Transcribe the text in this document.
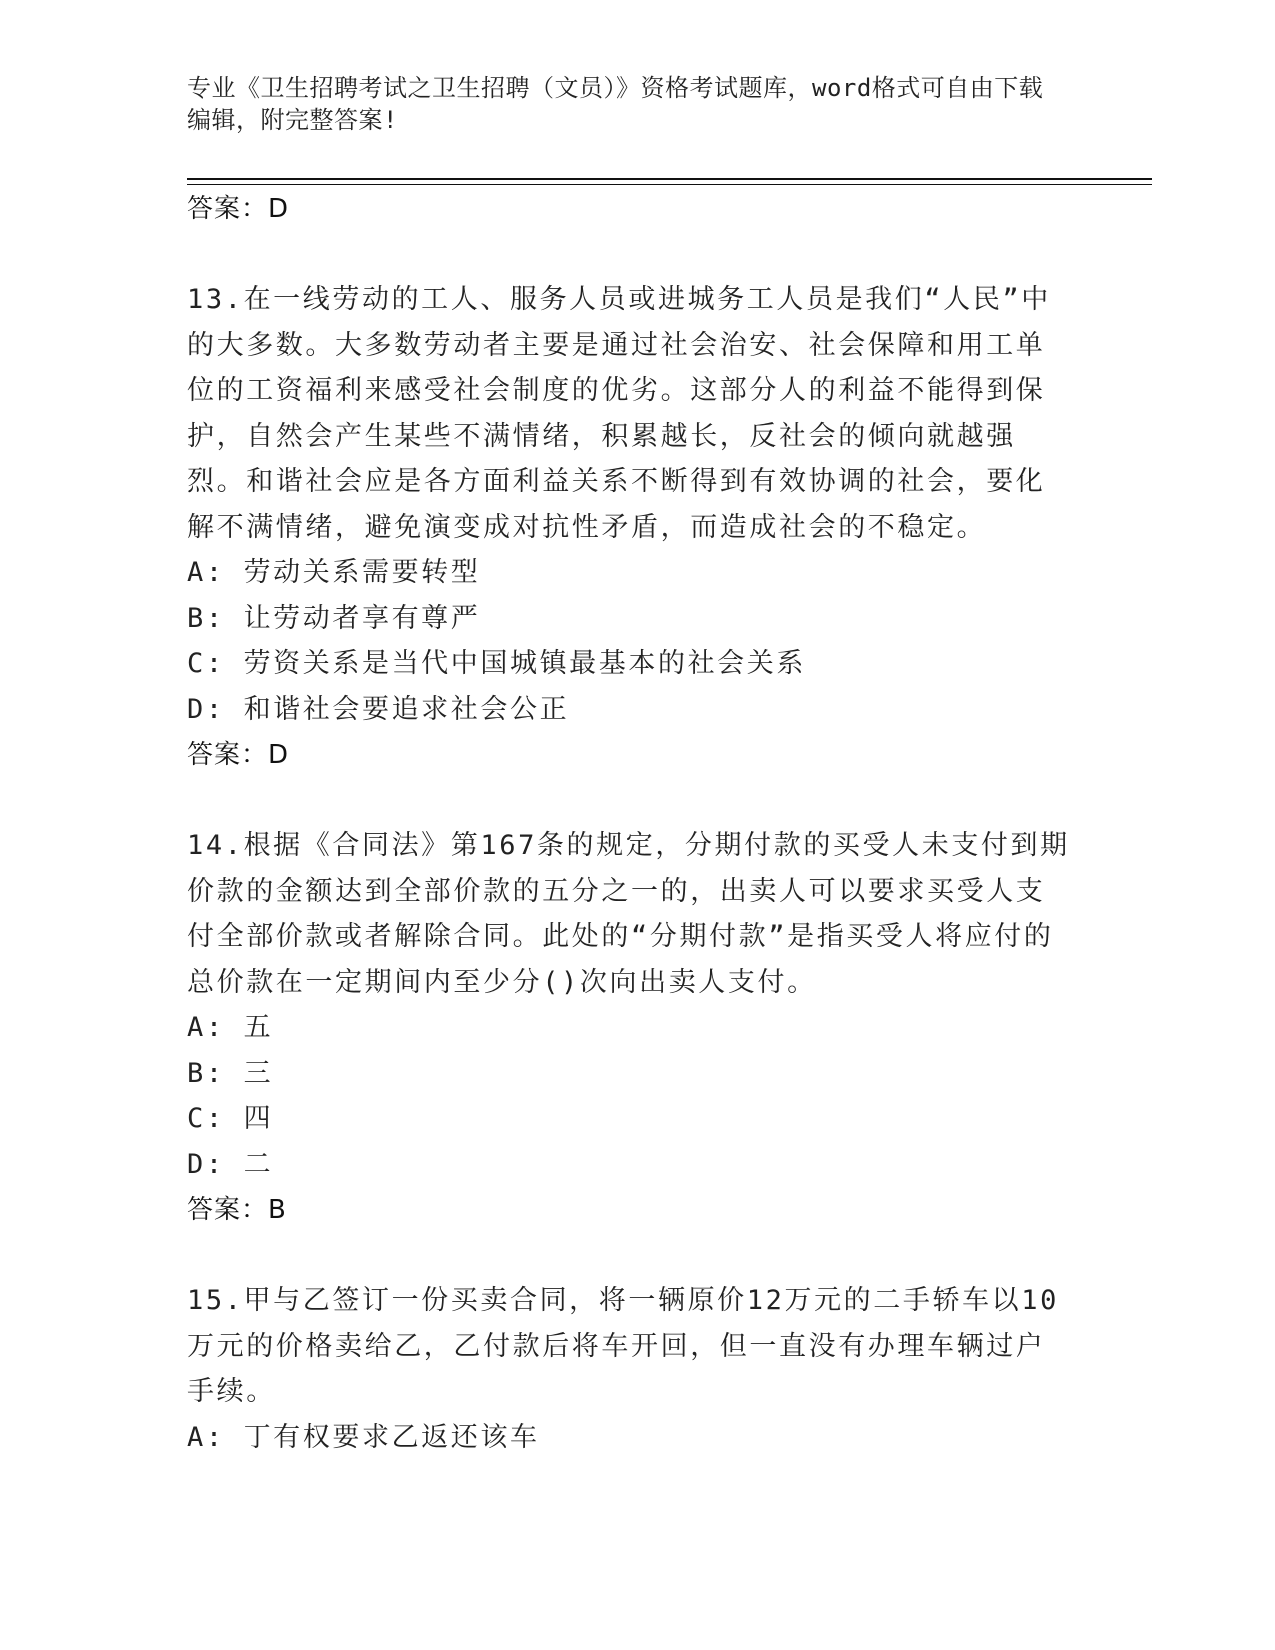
专业《卫生招聘考试之卫生招聘（文员）》资格考试题库，word格式可自由下载编辑，附完整答案!
答案：D
13.在一线劳动的工人、服务人员或进城务工人员是我们“人民”中的大多数。大多数劳动者主要是通过社会治安、社会保障和用工单位的工资福利来感受社会制度的优劣。这部分人的利益不能得到保护，自然会产生某些不满情绪，积累越长，反社会的倾向就越强烈。和谐社会应是各方面利益关系不断得到有效协调的社会，要化解不满情绪，避免演变成对抗性矛盾，而造成社会的不稳定。
A: 劳动关系需要转型
B: 让劳动者享有尊严
C: 劳资关系是当代中国城镇最基本的社会关系
D: 和谐社会要追求社会公正
答案：D
14.根据《合同法》第167条的规定，分期付款的买受人未支付到期价款的金额达到全部价款的五分之一的，出卖人可以要求买受人支付全部价款或者解除合同。此处的“分期付款”是指买受人将应付的总价款在一定期间内至少分()次向出卖人支付。
A: 五
B: 三
C: 四
D: 二
答案：B
15.甲与乙签订一份买卖合同，将一辆原价12万元的二手轿车以10万元的价格卖给乙，乙付款后将车开回，但一直没有办理车辆过户手续。
A: 丁有权要求乙返还该车
